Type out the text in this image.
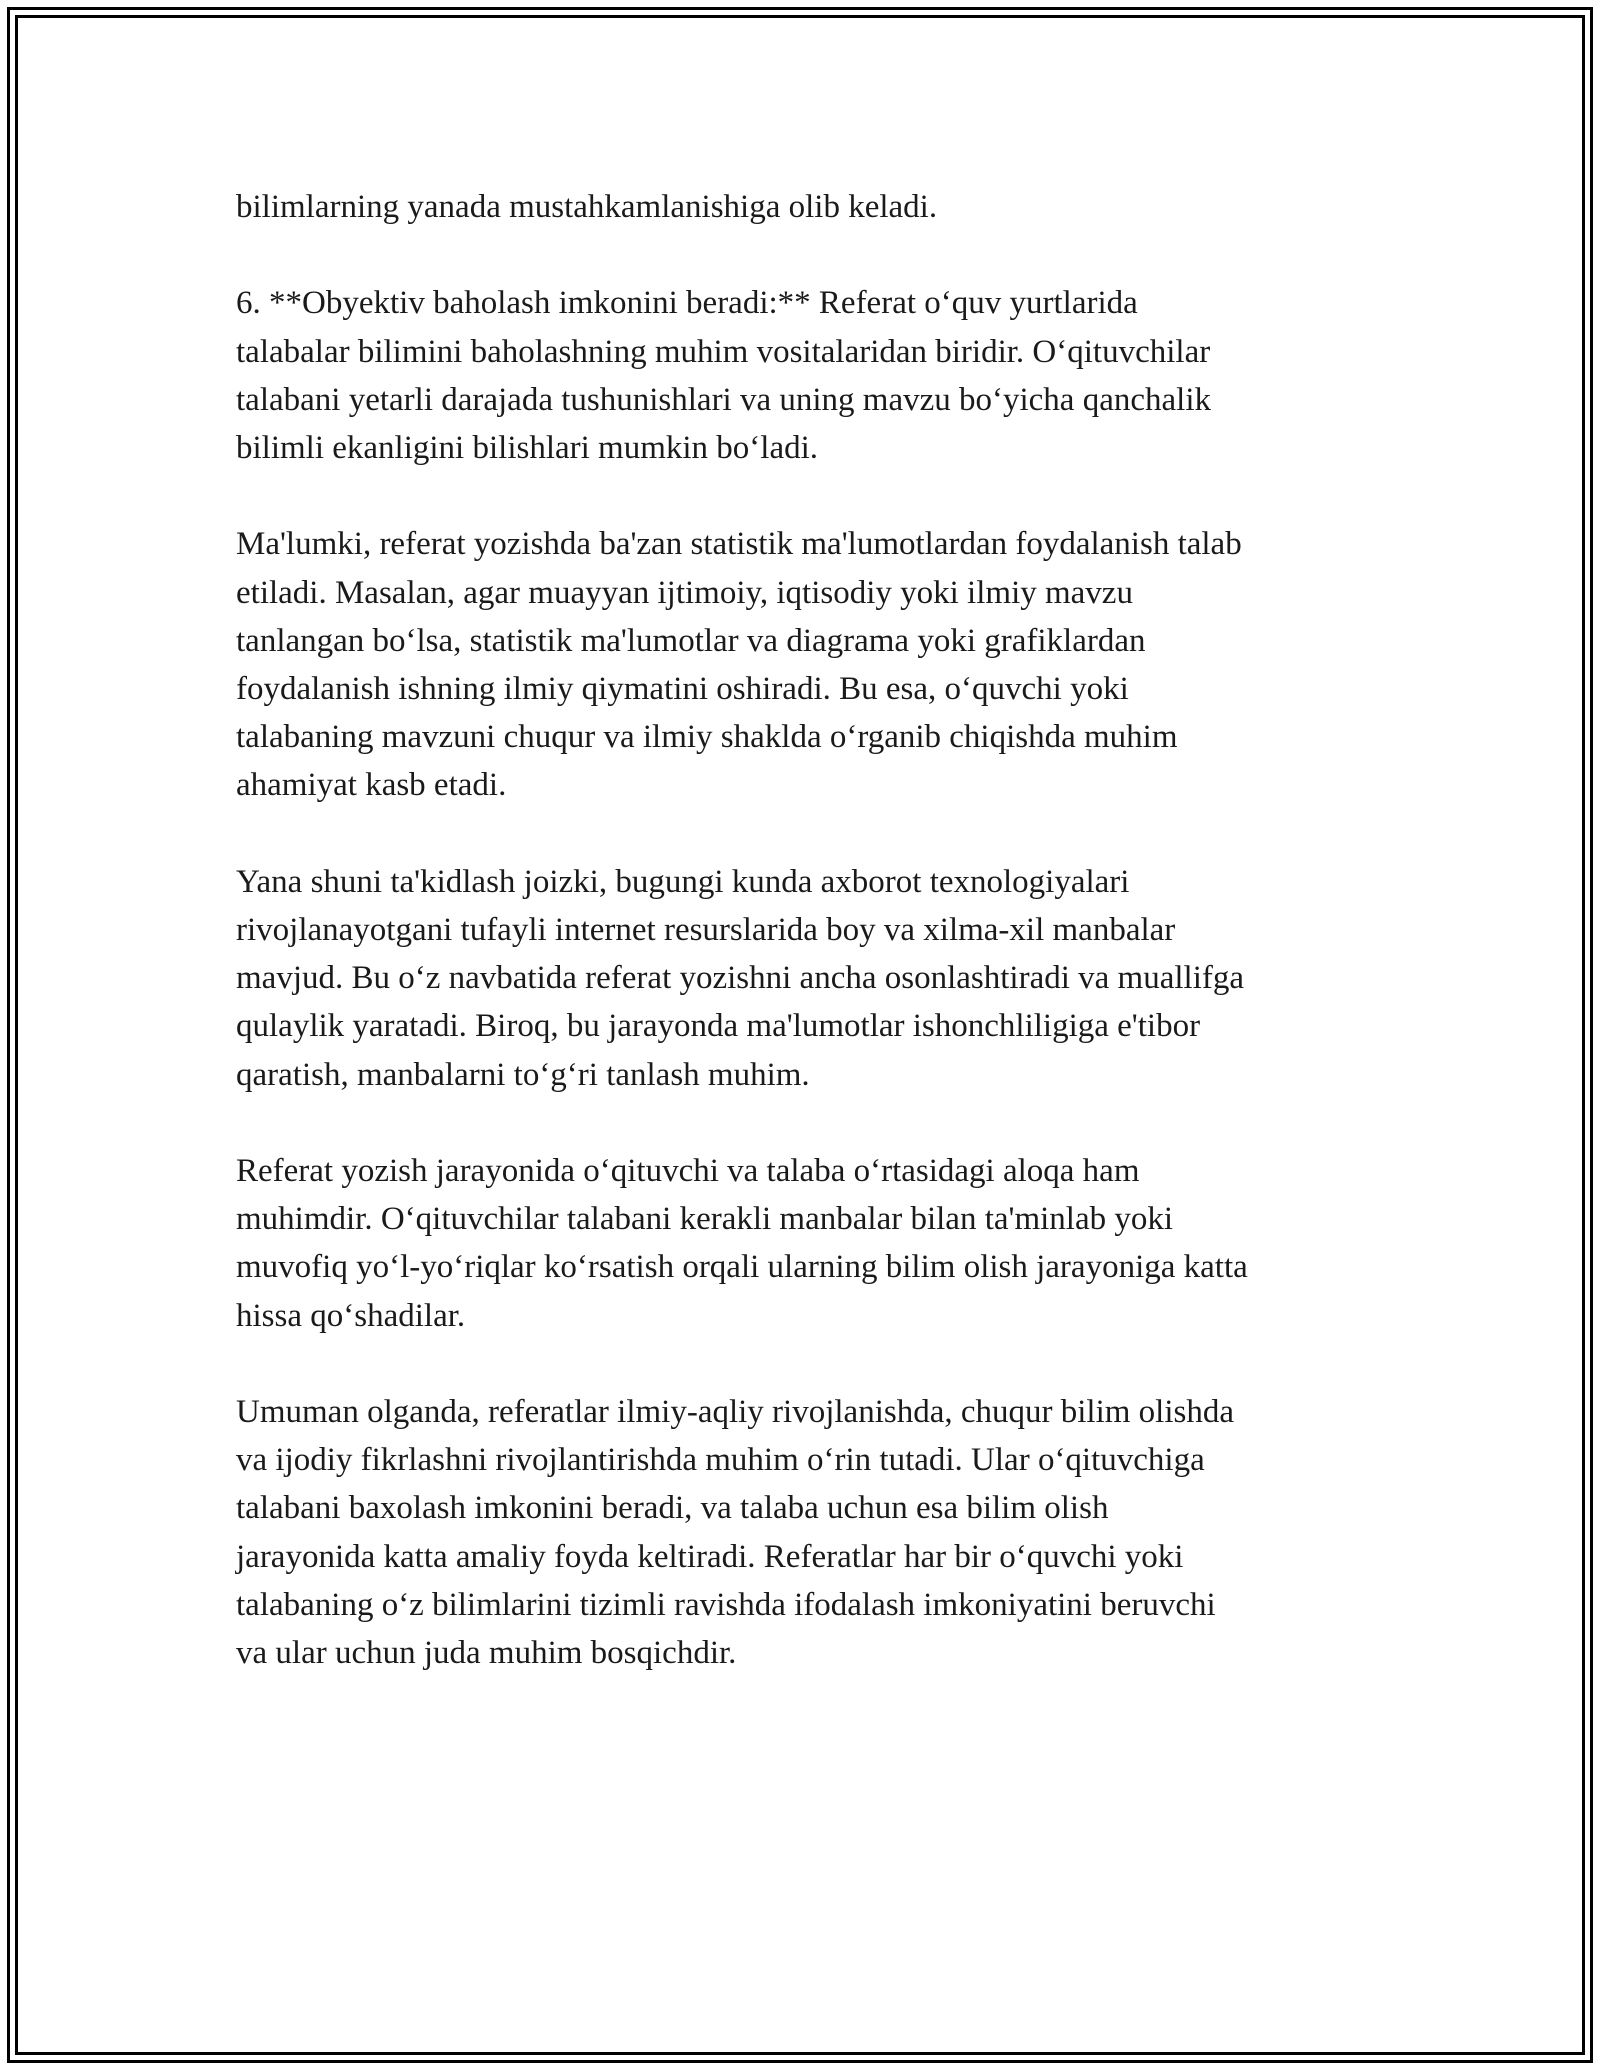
bilimlarning yanada mustahkamlanishiga olib keladi.
6. **Obyektiv baholash imkonini beradi:** Referat o‘quv yurtlarida
talabalar bilimini baholashning muhim vositalaridan biridir. O‘qituvchilar
talabani yetarli darajada tushunishlari va uning mavzu bo‘yicha qanchalik
bilimli ekanligini bilishlari mumkin bo‘ladi.
Ma'lumki, referat yozishda ba'zan statistik ma'lumotlardan foydalanish talab
etiladi. Masalan, agar muayyan ijtimoiy, iqtisodiy yoki ilmiy mavzu
tanlangan bo‘lsa, statistik ma'lumotlar va diagrama yoki grafiklardan
foydalanish ishning ilmiy qiymatini oshiradi. Bu esa, o‘quvchi yoki
talabaning mavzuni chuqur va ilmiy shaklda o‘rganib chiqishda muhim
ahamiyat kasb etadi.
Yana shuni ta'kidlash joizki, bugungi kunda axborot texnologiyalari
rivojlanayotgani tufayli internet resurslarida boy va xilma-xil manbalar
mavjud. Bu o‘z navbatida referat yozishni ancha osonlashtiradi va muallifga
qulaylik yaratadi. Biroq, bu jarayonda ma'lumotlar ishonchliligiga e'tibor
qaratish, manbalarni to‘g‘ri tanlash muhim.
Referat yozish jarayonida o‘qituvchi va talaba o‘rtasidagi aloqa ham
muhimdir. O‘qituvchilar talabani kerakli manbalar bilan ta'minlab yoki
muvofiq yo‘l-yo‘riqlar ko‘rsatish orqali ularning bilim olish jarayoniga katta
hissa qo‘shadilar.
Umuman olganda, referatlar ilmiy-aqliy rivojlanishda, chuqur bilim olishda
va ijodiy fikrlashni rivojlantirishda muhim o‘rin tutadi. Ular o‘qituvchiga
talabani baxolash imkonini beradi, va talaba uchun esa bilim olish
jarayonida katta amaliy foyda keltiradi. Referatlar har bir o‘quvchi yoki
talabaning o‘z bilimlarini tizimli ravishda ifodalash imkoniyatini beruvchi
va ular uchun juda muhim bosqichdir.
